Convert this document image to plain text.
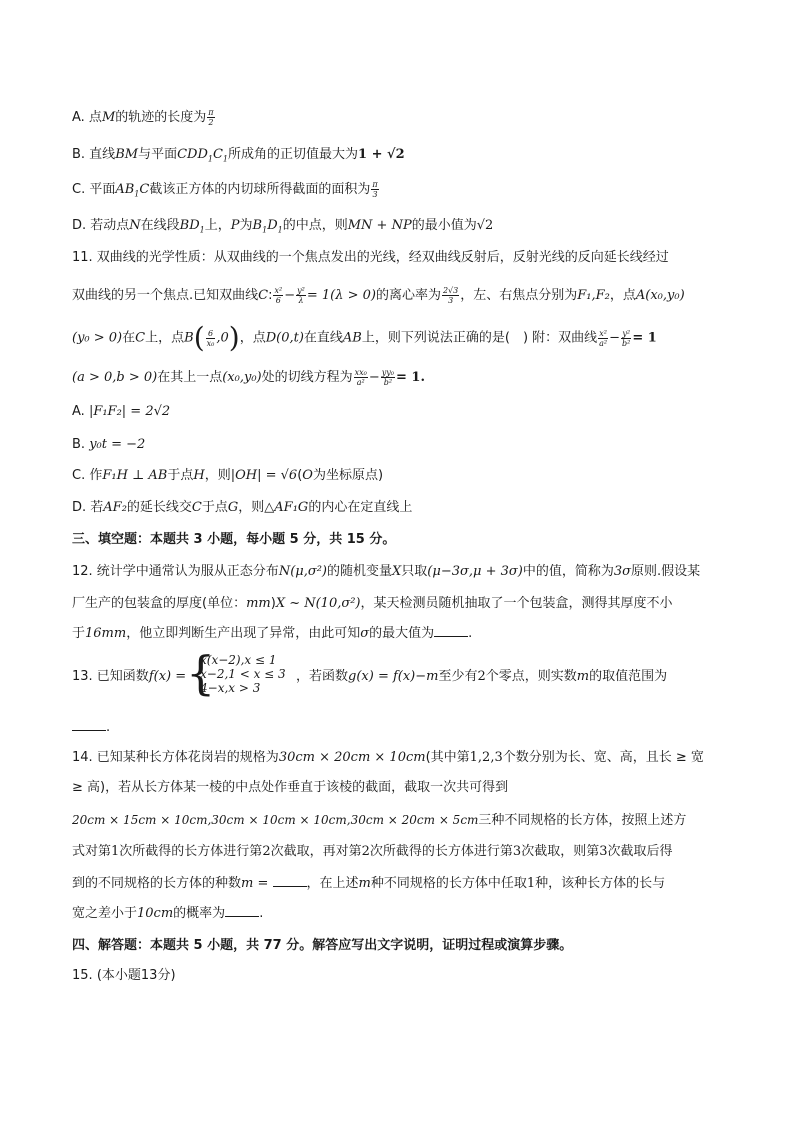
A. 点M的轨迹的长度为 $\frac{\pi}{2}$
B. 直线BM与平面$CDD_1C_1$所成角的正切值最大为1 + √2
C. 平面$AB_1C$截该正方体的内切球所得截面的面积为 $\frac{\pi}{3}$
D. 若动点N在线段$BD_1$上，P为$B_1D_1$的中点，则MN + NP的最小值为√2
11. 双曲线的光学性质：从双曲线的一个焦点发出的光线，经双曲线反射后，反射光线的反向延长线经过
双曲线的另一个焦点.已知双曲线C: $\frac{\text{x²}}{6} - \frac{\text{y²}}{\lambda} = 1(\lambda > 0)$的离心率为 $\frac{2√3}{3}$ ，左、右焦点分别为F₁,F₂，点A(x₀,y₀)
(y₀ > 0)在C上，点$B( \frac{6}{\text{x₀}} ,0)$，点D(0,t)在直线AB上，则下列说法正确的是(　) 附：双曲线 $\frac{\text{x²}}{\text{a²}} - \frac{\text{y²}}{\text{b²}} = 1$
(a > 0,b > 0)在其上一点(x₀,y₀)处的切线方程为 $\frac{\text{xx₀}}{\text{a²}} - \frac{\text{yy₀}}{\text{b²}} = 1$.
A. |F₁F₂| = 2√2
B. y₀t = −2
C. 作F₁H ⊥ AB于点H，则|OH| = √6(O为坐标原点)
D. 若AF₂的延长线交C于点G，则△AF₁G的内心在定直线上
三、填空题：本题共 3 小题，每小题 5 分，共 15 分。
12. 统计学中通常认为服从正态分布N(μ,σ²)的随机变量X只取(μ−3σ,μ + 3σ)中的值，简称为3σ原则.假设某
厂生产的包装盒的厚度(单位：mm)X ~ N(10,σ²)，某天检测员随机抽取了一个包装盒，测得其厚度不小
于16mm，他立即判断生产出现了异常，由此可知σ的最大值为	.
13. 已知函数f(x) = {
x(x−2),x ≤ 1
x−2,1 < x ≤ 3
4−x,x > 3
，若函数g(x) = f(x)−m至少有2个零点，则实数m的取值范围为
.
14. 已知某种长方体花岗岩的规格为30cm × 20cm × 10cm(其中第1,2,3个数分别为长、宽、高，且长 ≥ 宽
≥ 高)，若从长方体某一棱的中点处作垂直于该棱的截面，截取一次共可得到
20cm × 15cm × 10cm,30cm × 10cm × 10cm,30cm × 20cm × 5cm三种不同规格的长方体，按照上述方
式对第1次所截得的长方体进行第2次截取，再对第2次所截得的长方体进行第3次截取，则第3次截取后得
到的不同规格的长方体的种数m =	，在上述m种不同规格的长方体中任取1种，该种长方体的长与
宽之差小于10cm的概率为	.
四、解答题：本题共 5 小题，共 77 分。解答应写出文字说明，证明过程或演算步骤。
15. (本小题13分)
